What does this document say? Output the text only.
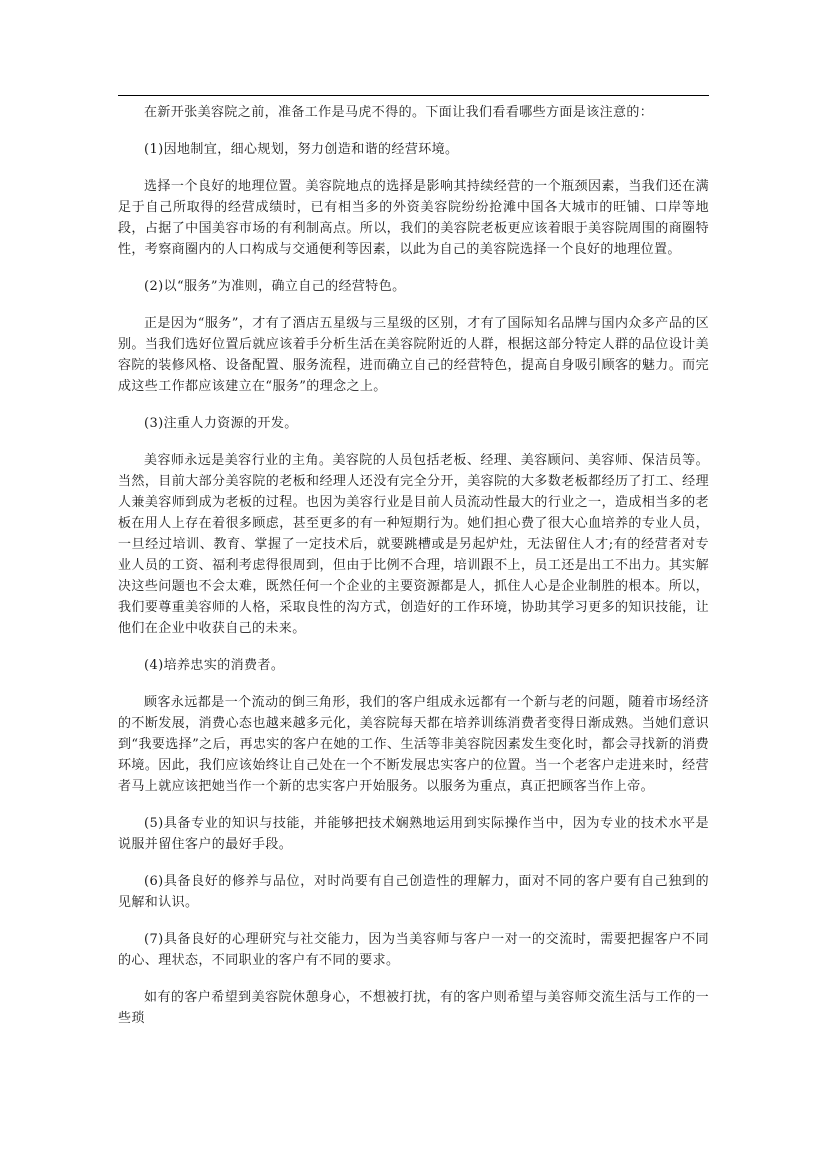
在新开张美容院之前，准备工作是马虎不得的。下面让我们看看哪些方面是该注意的：

(1)因地制宜，细心规划，努力创造和谐的经营环境。

选择一个良好的地理位置。美容院地点的选择是影响其持续经营的一个瓶颈因素，当我们还在满足于自己所取得的经营成绩时，已有相当多的外资美容院纷纷抢滩中国各大城市的旺铺、口岸等地段，占据了中国美容市场的有利制高点。所以，我们的美容院老板更应该着眼于美容院周围的商圈特性，考察商圈内的人口构成与交通便利等因素，以此为自己的美容院选择一个良好的地理位置。

(2)以“服务”为准则，确立自己的经营特色。

正是因为“服务”，才有了酒店五星级与三星级的区别，才有了国际知名品牌与国内众多产品的区别。当我们选好位置后就应该着手分析生活在美容院附近的人群，根据这部分特定人群的品位设计美容院的装修风格、设备配置、服务流程，进而确立自己的经营特色，提高自身吸引顾客的魅力。而完成这些工作都应该建立在“服务”的理念之上。

(3)注重人力资源的开发。

美容师永远是美容行业的主角。美容院的人员包括老板、经理、美容顾问、美容师、保洁员等。当然，目前大部分美容院的老板和经理人还没有完全分开，美容院的大多数老板都经历了打工、经理人兼美容师到成为老板的过程。也因为美容行业是目前人员流动性最大的行业之一，造成相当多的老板在用人上存在着很多顾虑，甚至更多的有一种短期行为。她们担心费了很大心血培养的专业人员，一旦经过培训、教育、掌握了一定技术后，就要跳槽或是另起炉灶，无法留住人才;有的经营者对专业人员的工资、福利考虑得很周到，但由于比例不合理，培训跟不上，员工还是出工不出力。其实解决这些问题也不会太难，既然任何一个企业的主要资源都是人，抓住人心是企业制胜的根本。所以，我们要尊重美容师的人格，采取良性的沟方式，创造好的工作环境，协助其学习更多的知识技能，让他们在企业中收获自己的未来。

(4)培养忠实的消费者。

顾客永远都是一个流动的倒三角形，我们的客户组成永远都有一个新与老的问题，随着市场经济的不断发展，消费心态也越来越多元化，美容院每天都在培养训练消费者变得日渐成熟。当她们意识到“我要选择”之后，再忠实的客户在她的工作、生活等非美容院因素发生变化时，都会寻找新的消费环境。因此，我们应该始终让自己处在一个不断发展忠实客户的位置。当一个老客户走进来时，经营者马上就应该把她当作一个新的忠实客户开始服务。以服务为重点，真正把顾客当作上帝。

(5)具备专业的知识与技能，并能够把技术娴熟地运用到实际操作当中，因为专业的技术水平是说服并留住客户的最好手段。

(6)具备良好的修养与品位，对时尚要有自己创造性的理解力，面对不同的客户要有自己独到的见解和认识。

(7)具备良好的心理研究与社交能力，因为当美容师与客户一对一的交流时，需要把握客户不同的心、理状态，不同职业的客户有不同的要求。

如有的客户希望到美容院休憩身心，不想被打扰，有的客户则希望与美容师交流生活与工作的一些琐
